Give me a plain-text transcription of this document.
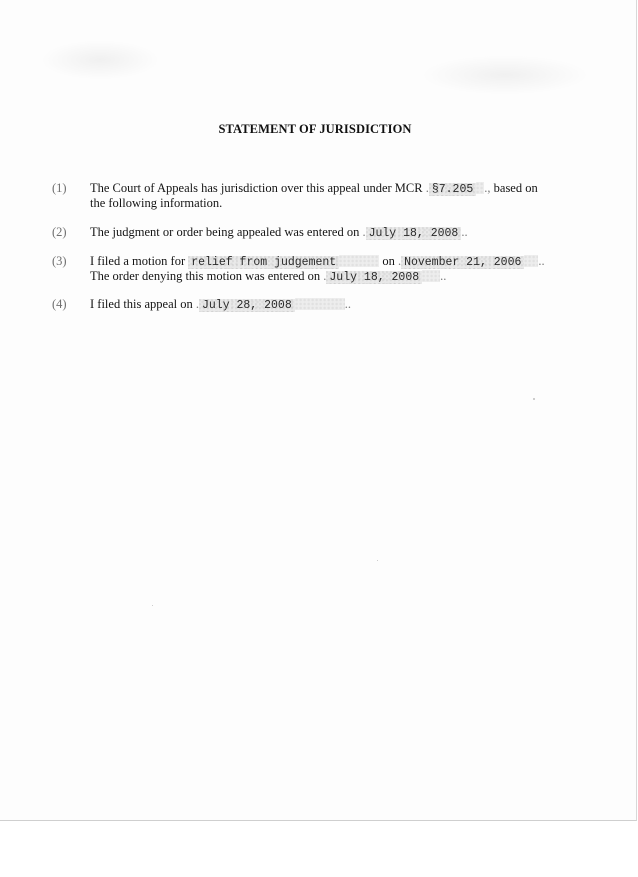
STATEMENT OF JURISDICTION
(1) The Court of Appeals has jurisdiction over this appeal under MCR . §7.205 ., based on
the following information.
(2) The judgment or order being appealed was entered on . July 18, 2008 ..
(3) I filed a motion for relief from judgement	on . November 21, 2006 ..
The order denying this motion was entered on . July 18, 2008 ..
(4) I filed this appeal on . July 28, 2008	..
